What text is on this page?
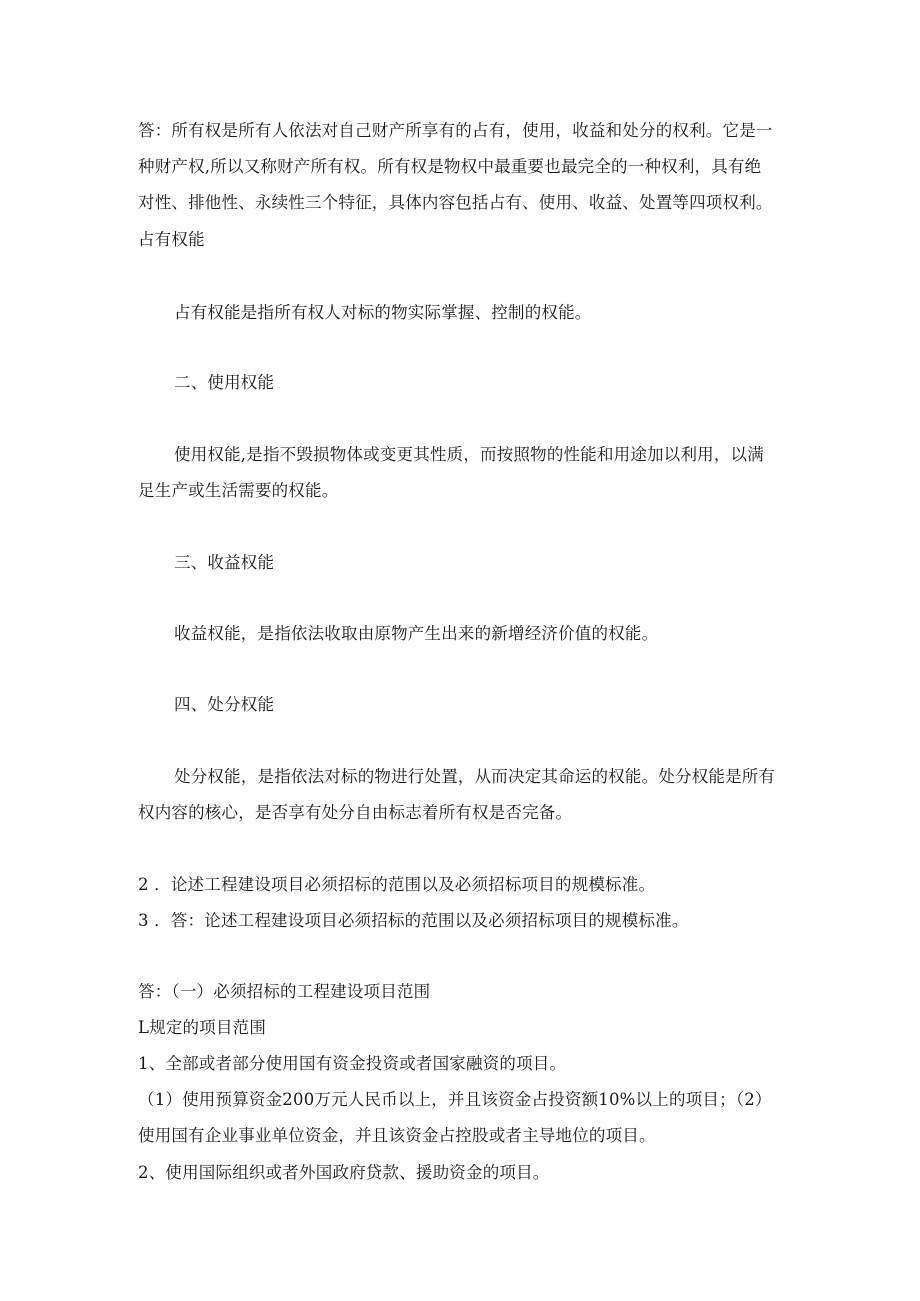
答：所有权是所有人依法对自己财产所享有的占有，使用，收益和处分的权利。它是一
种财产权,所以又称财产所有权。所有权是物权中最重要也最完全的一种权利，具有绝
对性、排他性、永续性三个特征，具体内容包括占有、使用、收益、处置等四项权利。
占有权能
占有权能是指所有权人对标的物实际掌握、控制的权能。
二、使用权能
使用权能,是指不毁损物体或变更其性质，而按照物的性能和用途加以利用，以满
足生产或生活需要的权能。
三、收益权能
收益权能，是指依法收取由原物产生出来的新增经济价值的权能。
四、处分权能
处分权能，是指依法对标的物进行处置，从而决定其命运的权能。处分权能是所有
权内容的核心，是否享有处分自由标志着所有权是否完备。
2 ．论述工程建设项目必须招标的范围以及必须招标项目的规模标准。
3 ．答：论述工程建设项目必须招标的范围以及必须招标项目的规模标准。
答：（一）必须招标的工程建设项目范围
L规定的项目范围
1、全部或者部分使用国有资金投资或者国家融资的项目。
（1）使用预算资金200万元人民币以上，并且该资金占投资额10%以上的项目；（2）
使用国有企业事业单位资金，并且该资金占控股或者主导地位的项目。
2、使用国际组织或者外国政府贷款、援助资金的项目。
